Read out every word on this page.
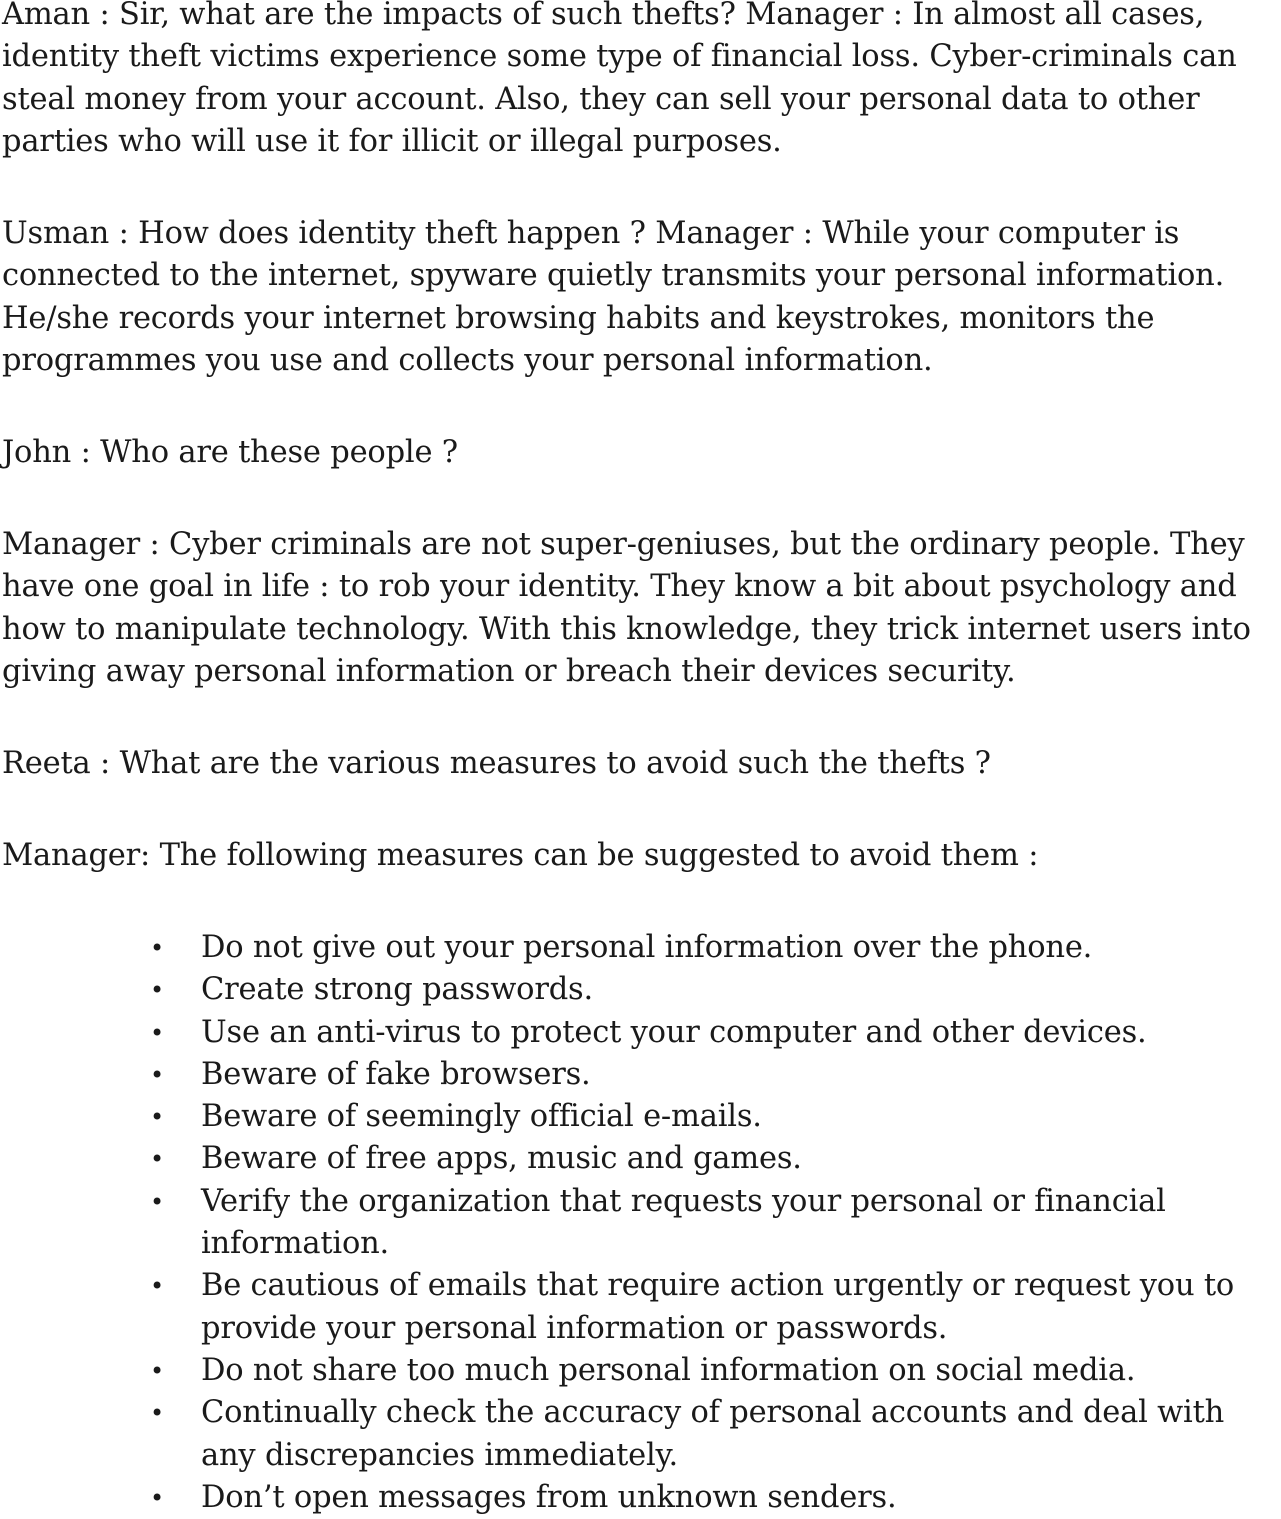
Aman : Sir, what are the impacts of such thefts? Manager : In almost all cases, identity theft victims experience some type of financial loss. Cyber-criminals can steal money from your account. Also, they can sell your personal data to other parties who will use it for illicit or illegal purposes.

Usman : How does identity theft happen ? Manager : While your computer is connected to the internet, spyware quietly transmits your personal information. He/she records your internet browsing habits and keystrokes, monitors the programmes you use and collects your personal information.

John : Who are these people ?

Manager : Cyber criminals are not super-geniuses, but the ordinary people. They have one goal in life : to rob your identity. They know a bit about psychology and how to manipulate technology. With this knowledge, they trick internet users into giving away personal information or breach their devices security.

Reeta : What are the various measures to avoid such the thefts ?

Manager: The following measures can be suggested to avoid them :

• Do not give out your personal information over the phone.
• Create strong passwords.
• Use an anti-virus to protect your computer and other devices.
• Beware of fake browsers.
• Beware of seemingly official e-mails.
• Beware of free apps, music and games.
• Verify the organization that requests your personal or financial information.
• Be cautious of emails that require action urgently or request you to provide your personal information or passwords.
• Do not share too much personal information on social media.
• Continually check the accuracy of personal accounts and deal with any discrepancies immediately.
• Don’t open messages from unknown senders.
